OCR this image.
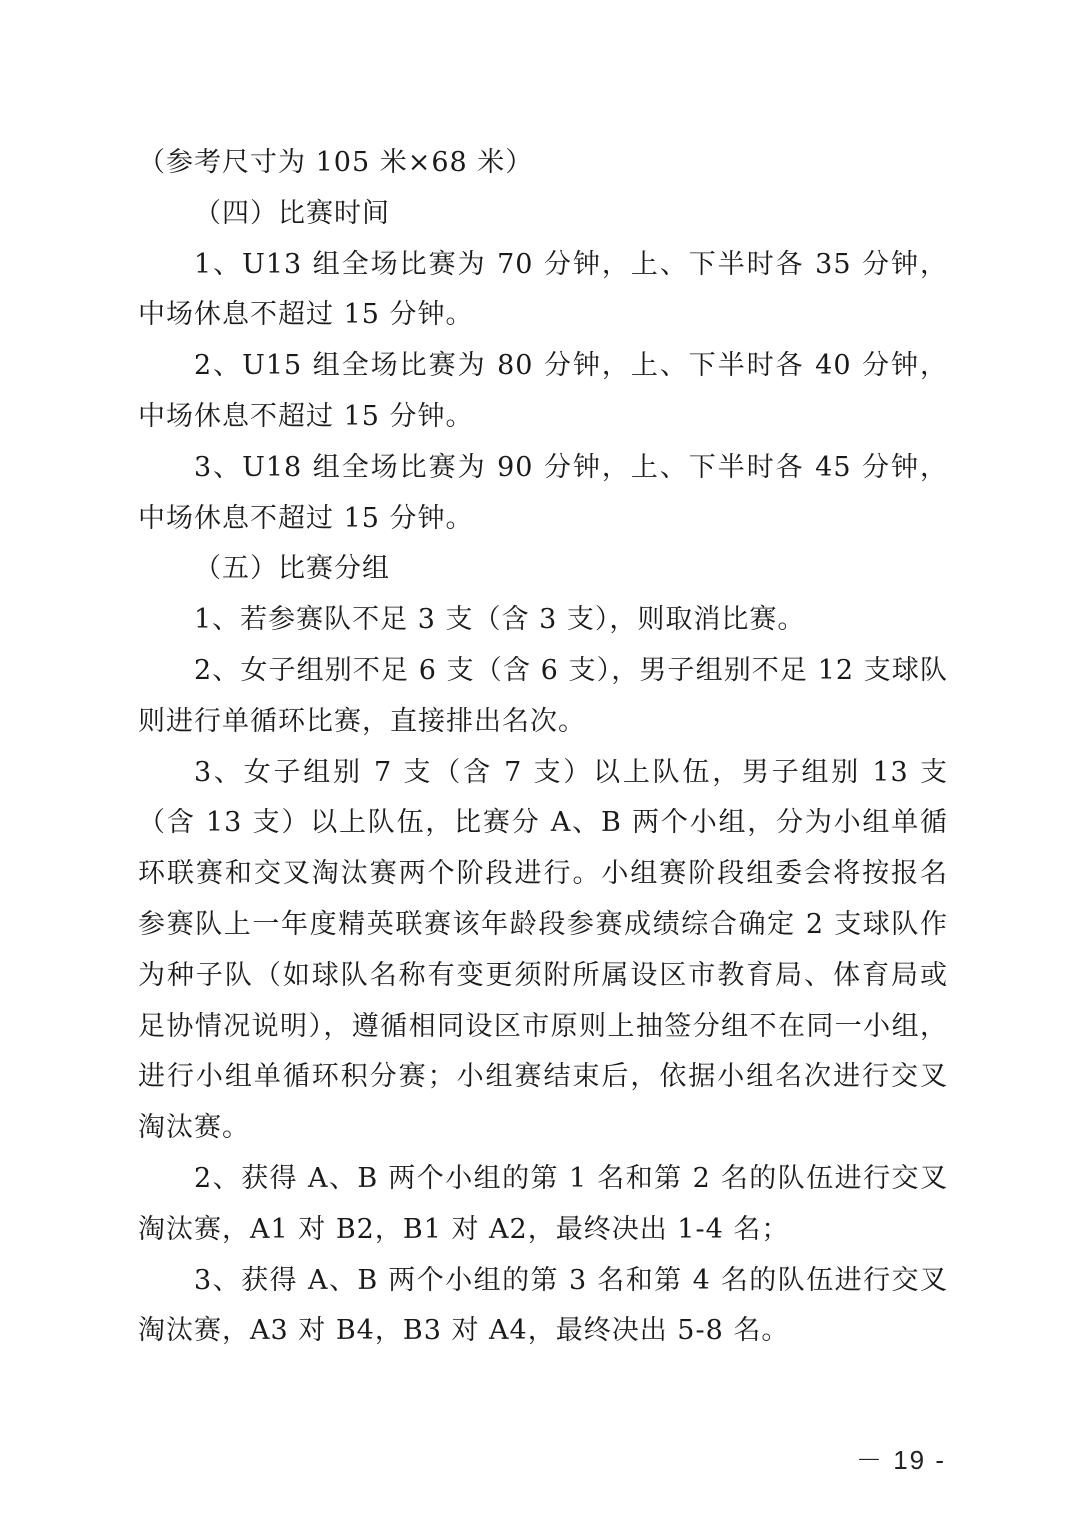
（参考尺寸为 105 米×68 米）

（四）比赛时间

1、U13 组全场比赛为 70 分钟，上、下半时各 35 分钟，中场休息不超过 15 分钟。

2、U15 组全场比赛为 80 分钟，上、下半时各 40 分钟，中场休息不超过 15 分钟。

3、U18 组全场比赛为 90 分钟，上、下半时各 45 分钟，中场休息不超过 15 分钟。

（五）比赛分组

1、若参赛队不足 3 支（含 3 支），则取消比赛。

2、女子组别不足 6 支（含 6 支），男子组别不足 12 支球队则进行单循环比赛，直接排出名次。

3、女子组别 7 支（含 7 支）以上队伍，男子组别 13 支（含 13 支）以上队伍，比赛分 A、B 两个小组，分为小组单循环联赛和交叉淘汰赛两个阶段进行。小组赛阶段组委会将按报名参赛队上一年度精英联赛该年龄段参赛成绩综合确定 2 支球队作为种子队（如球队名称有变更须附所属设区市教育局、体育局或足协情况说明），遵循相同设区市原则上抽签分组不在同一小组，进行小组单循环积分赛；小组赛结束后，依据小组名次进行交叉淘汰赛。

2、获得 A、B 两个小组的第 1 名和第 2 名的队伍进行交叉淘汰赛，A1 对 B2，B1 对 A2，最终决出 1-4 名；

3、获得 A、B 两个小组的第 3 名和第 4 名的队伍进行交叉淘汰赛，A3 对 B4，B3 对 A4，最终决出 5-8 名。

－ 19 -
